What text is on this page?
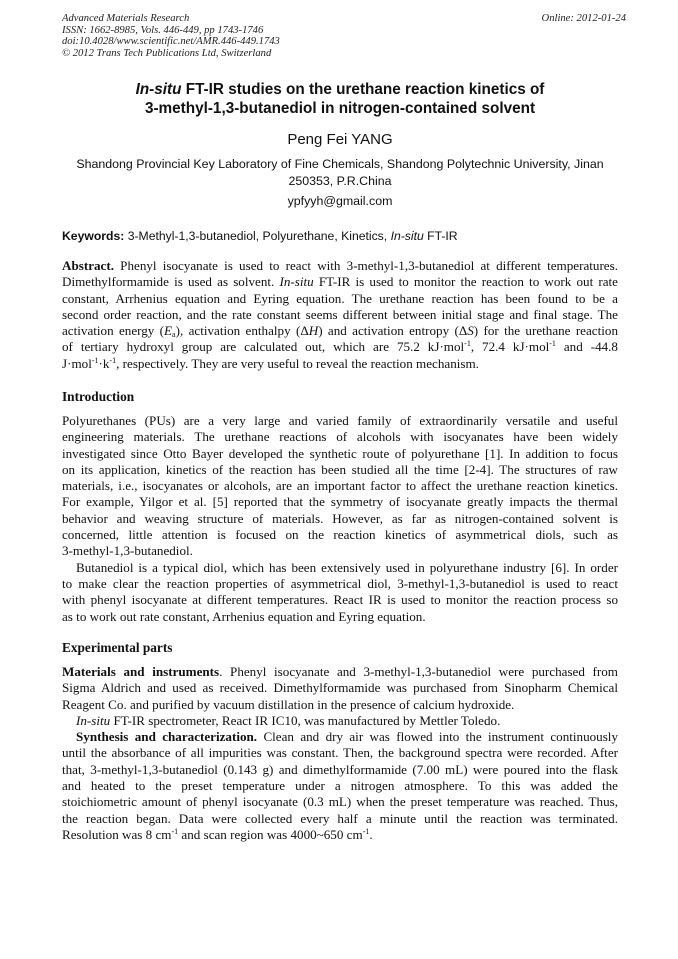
Advanced Materials Research
ISSN: 1662-8985, Vols. 446-449, pp 1743-1746
doi:10.4028/www.scientific.net/AMR.446-449.1743
© 2012 Trans Tech Publications Ltd, Switzerland
Online: 2012-01-24
In-situ FT-IR studies on the urethane reaction kinetics of
3-methyl-1,3-butanediol in nitrogen-contained solvent
Peng Fei YANG
Shandong Provincial Key Laboratory of Fine Chemicals, Shandong Polytechnic University, Jinan
250353, P.R.China
ypfyyh@gmail.com
Keywords: 3-Methyl-1,3-butanediol, Polyurethane, Kinetics, In-situ FT-IR
Abstract. Phenyl isocyanate is used to react with 3-methyl-1,3-butanediol at different temperatures.
Dimethylformamide is used as solvent. In-situ FT-IR is used to monitor the reaction to work out rate
constant, Arrhenius equation and Eyring equation. The urethane reaction has been found to be a
second order reaction, and the rate constant seems different between initial stage and final stage. The
activation energy $(E_a)$, activation enthalpy (ΔH) and activation entropy (ΔS) for the urethane reaction
of tertiary hydroxyl group are calculated out, which are 75.2 kJ·mol$^{-1}$, 72.4 kJ·mol$^{-1}$ and -44.8
$J\cdot mol^{-1}\cdot k^{-1}$, respectively. They are very useful to reveal the reaction mechanism.
Introduction
Polyurethanes (PUs) are a very large and varied family of extraordinarily versatile and useful
engineering materials. The urethane reactions of alcohols with isocyanates have been widely
investigated since Otto Bayer developed the synthetic route of polyurethane [1]. In addition to focus
on its application, kinetics of the reaction has been studied all the time [2-4]. The structures of raw
materials, i.e., isocyanates or alcohols, are an important factor to affect the urethane reaction kinetics.
For example, Yilgor et al. [5] reported that the symmetry of isocyanate greatly impacts the thermal
behavior and weaving structure of materials. However, as far as nitrogen-contained solvent is
concerned, little attention is focused on the reaction kinetics of asymmetrical diols, such as
3-methyl-1,3-butanediol.
Butanediol is a typical diol, which has been extensively used in polyurethane industry [6]. In order
to make clear the reaction properties of asymmetrical diol, 3-methyl-1,3-butanediol is used to react
with phenyl isocyanate at different temperatures. React IR is used to monitor the reaction process so
as to work out rate constant, Arrhenius equation and Eyring equation.
Experimental parts
Materials and instruments. Phenyl isocyanate and 3-methyl-1,3-butanediol were purchased from
Sigma Aldrich and used as received. Dimethylformamide was purchased from Sinopharm Chemical
Reagent Co. and purified by vacuum distillation in the presence of calcium hydroxide.
In-situ FT-IR spectrometer, React IR IC10, was manufactured by Mettler Toledo.
Synthesis and characterization. Clean and dry air was flowed into the instrument continuously
until the absorbance of all impurities was constant. Then, the background spectra were recorded. After
that, 3-methyl-1,3-butanediol (0.143 g) and dimethylformamide (7.00 mL) were poured into the flask
and heated to the preset temperature under a nitrogen atmosphere. To this was added the
stoichiometric amount of phenyl isocyanate (0.3 mL) when the preset temperature was reached. Thus,
the reaction began. Data were collected every half a minute until the reaction was terminated.
Resolution was 8 $cm^{-1}$ and scan region was 4000~650 $cm^{-1}$.
